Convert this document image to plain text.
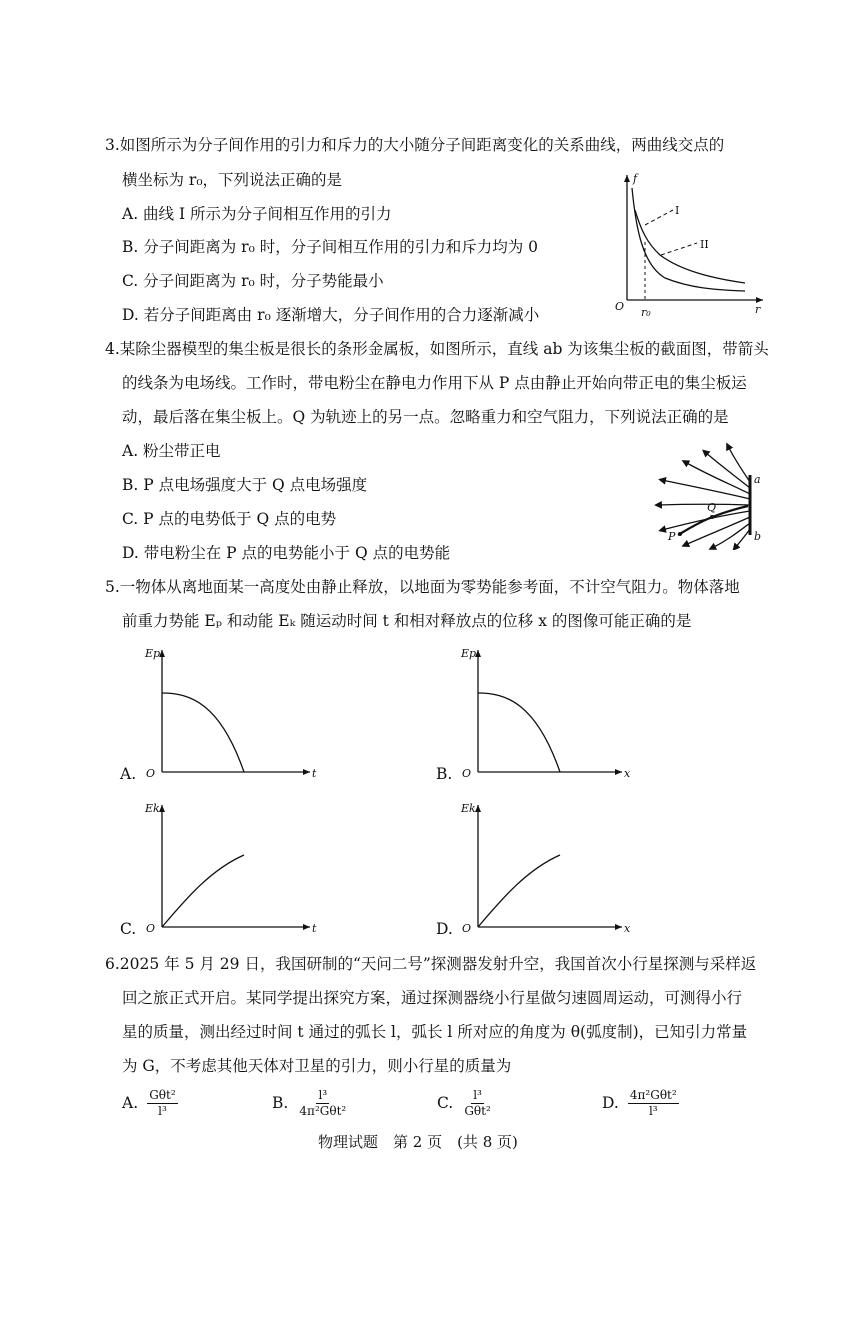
3.如图所示为分子间作用的引力和斥力的大小随分子间距离变化的关系曲线，两曲线交点的
横坐标为 r₀，下列说法正确的是
A. 曲线 I 所示为分子间相互作用的引力
B. 分子间距离为 r₀ 时，分子间相互作用的引力和斥力均为 0
C. 分子间距离为 r₀ 时，分子势能最小
D. 若分子间距离由 r₀ 逐渐增大，分子间作用的合力逐渐减小
f
r
O r₀
I
II
4.某除尘器模型的集尘板是很长的条形金属板，如图所示，直线 ab 为该集尘板的截面图，带箭头
的线条为电场线。工作时，带电粉尘在静电力作用下从 P 点由静止开始向带正电的集尘板运
动，最后落在集尘板上。Q 为轨迹上的另一点。忽略重力和空气阻力，下列说法正确的是
A. 粉尘带正电
B. P 点电场强度大于 Q 点电场强度
C. P 点的电势低于 Q 点的电势
D. 带电粉尘在 P 点的电势能小于 Q 点的电势能
a
b
P
Q
5.一物体从离地面某一高度处由静止释放，以地面为零势能参考面，不计空气阻力。物体落地
前重力势能 Eₚ 和动能 Eₖ 随运动时间 t 和相对释放点的位移 x 的图像可能正确的是
A.
Ep
O	t	B.
Ep
O	x
C.
Ek
O	t	D.
Ek
O	x
6.2025 年 5 月 29 日，我国研制的“天问二号”探测器发射升空，我国首次小行星探测与采样返
回之旅正式开启。某同学提出探究方案，通过探测器绕小行星做匀速圆周运动，可测得小行
星的质量，测出经过时间 t 通过的弧长 l，弧长 l 所对应的角度为 θ(弧度制)，已知引力常量
为 G，不考虑其他天体对卫星的引力，则小行星的质量为
A. $\frac{\text{Gθt²}}{\text{l³}}$	B. $\frac{\text{l³}}{\text{4π²Gθt²}}$	C. $\frac{\text{l³}}{\text{Gθt²}}$	D. $\frac{\text{4π²Gθt²}}{\text{l³}}$
物理试题　第 2 页　(共 8 页)
